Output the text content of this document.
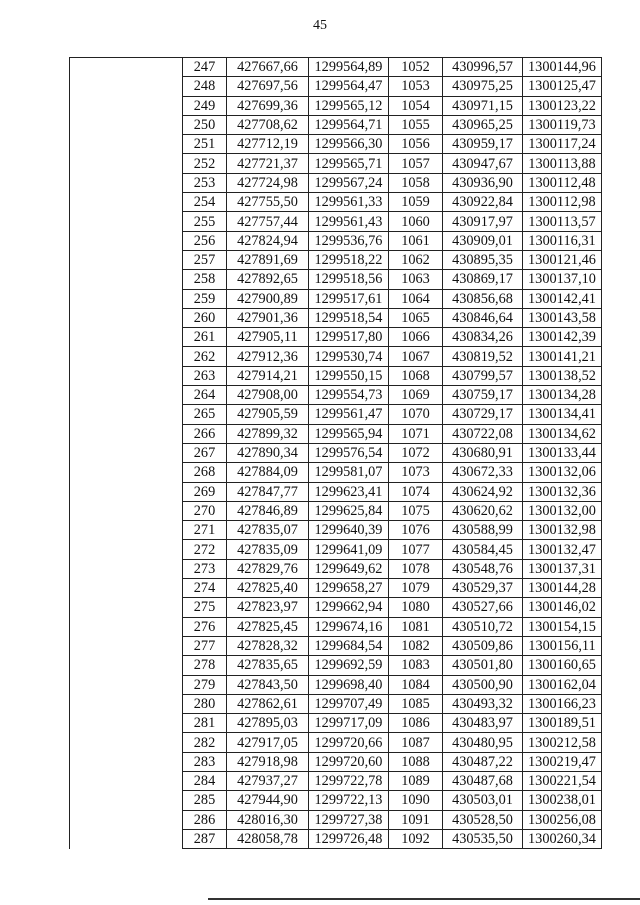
45
247	427667,66	1299564,89	1052	430996,57	1300144,96
248	427697,56	1299564,47	1053	430975,25	1300125,47
249	427699,36	1299565,12	1054	430971,15	1300123,22
250	427708,62	1299564,71	1055	430965,25	1300119,73
251	427712,19	1299566,30	1056	430959,17	1300117,24
252	427721,37	1299565,71	1057	430947,67	1300113,88
253	427724,98	1299567,24	1058	430936,90	1300112,48
254	427755,50	1299561,33	1059	430922,84	1300112,98
255	427757,44	1299561,43	1060	430917,97	1300113,57
256	427824,94	1299536,76	1061	430909,01	1300116,31
257	427891,69	1299518,22	1062	430895,35	1300121,46
258	427892,65	1299518,56	1063	430869,17	1300137,10
259	427900,89	1299517,61	1064	430856,68	1300142,41
260	427901,36	1299518,54	1065	430846,64	1300143,58
261	427905,11	1299517,80	1066	430834,26	1300142,39
262	427912,36	1299530,74	1067	430819,52	1300141,21
263	427914,21	1299550,15	1068	430799,57	1300138,52
264	427908,00	1299554,73	1069	430759,17	1300134,28
265	427905,59	1299561,47	1070	430729,17	1300134,41
266	427899,32	1299565,94	1071	430722,08	1300134,62
267	427890,34	1299576,54	1072	430680,91	1300133,44
268	427884,09	1299581,07	1073	430672,33	1300132,06
269	427847,77	1299623,41	1074	430624,92	1300132,36
270	427846,89	1299625,84	1075	430620,62	1300132,00
271	427835,07	1299640,39	1076	430588,99	1300132,98
272	427835,09	1299641,09	1077	430584,45	1300132,47
273	427829,76	1299649,62	1078	430548,76	1300137,31
274	427825,40	1299658,27	1079	430529,37	1300144,28
275	427823,97	1299662,94	1080	430527,66	1300146,02
276	427825,45	1299674,16	1081	430510,72	1300154,15
277	427828,32	1299684,54	1082	430509,86	1300156,11
278	427835,65	1299692,59	1083	430501,80	1300160,65
279	427843,50	1299698,40	1084	430500,90	1300162,04
280	427862,61	1299707,49	1085	430493,32	1300166,23
281	427895,03	1299717,09	1086	430483,97	1300189,51
282	427917,05	1299720,66	1087	430480,95	1300212,58
283	427918,98	1299720,60	1088	430487,22	1300219,47
284	427937,27	1299722,78	1089	430487,68	1300221,54
285	427944,90	1299722,13	1090	430503,01	1300238,01
286	428016,30	1299727,38	1091	430528,50	1300256,08
287	428058,78	1299726,48	1092	430535,50	1300260,34
